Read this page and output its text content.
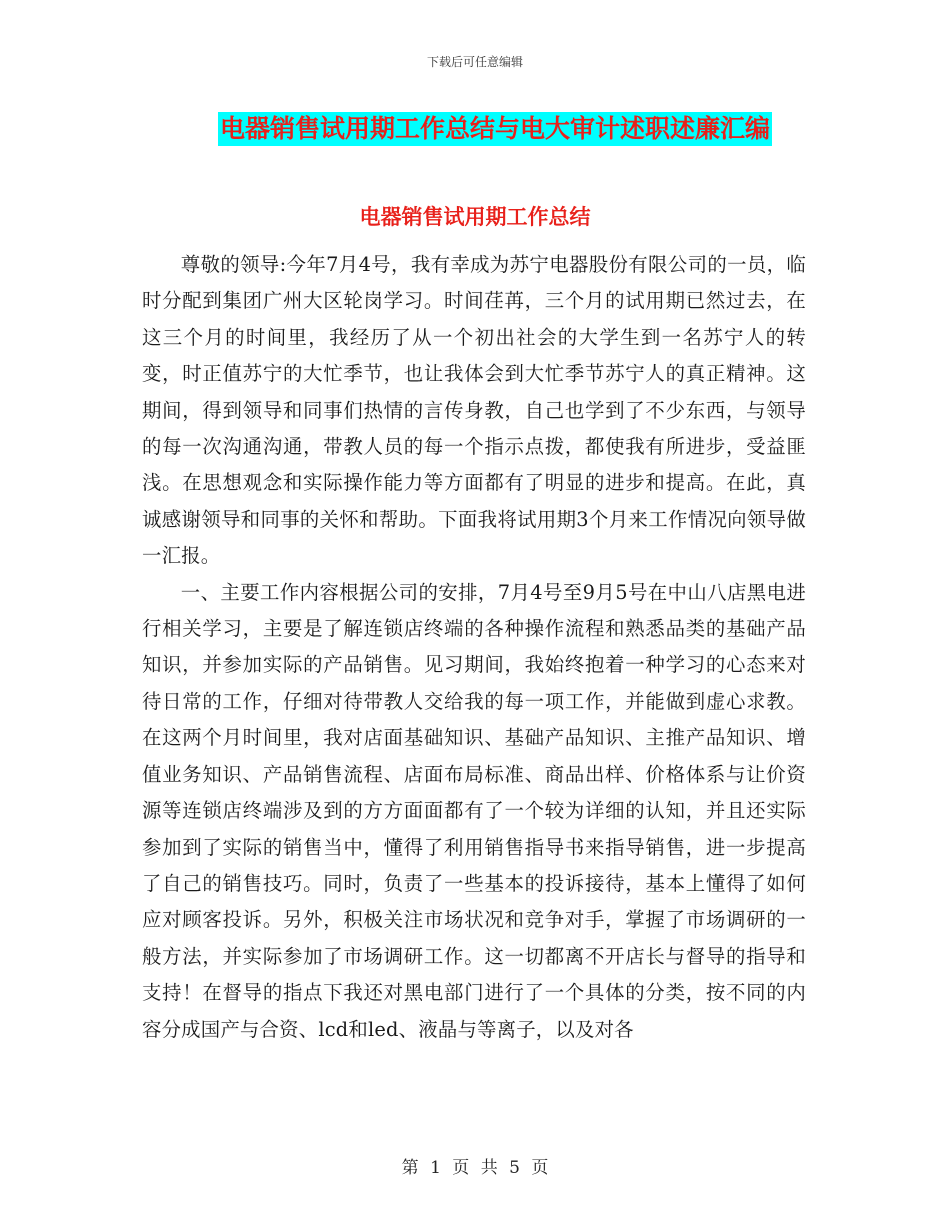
下载后可任意编辑
电器销售试用期工作总结与电大审计述职述廉汇编
电器销售试用期工作总结

尊敬的领导:今年7月4号，我有幸成为苏宁电器股份有限公司的一员，临时分配到集团广州大区轮岗学习。时间荏苒，三个月的试用期已然过去，在这三个月的时间里，我经历了从一个初出社会的大学生到一名苏宁人的转变，时正值苏宁的大忙季节，也让我体会到大忙季节苏宁人的真正精神。这期间，得到领导和同事们热情的言传身教，自己也学到了不少东西，与领导的每一次沟通沟通，带教人员的每一个指示点拨，都使我有所进步，受益匪浅。在思想观念和实际操作能力等方面都有了明显的进步和提高。在此，真诚感谢领导和同事的关怀和帮助。下面我将试用期3个月来工作情况向领导做一汇报。

一、主要工作内容根据公司的安排，7月4号至9月5号在中山八店黑电进行相关学习，主要是了解连锁店终端的各种操作流程和熟悉品类的基础产品知识，并参加实际的产品销售。见习期间，我始终抱着一种学习的心态来对待日常的工作，仔细对待带教人交给我的每一项工作，并能做到虚心求教。在这两个月时间里，我对店面基础知识、基础产品知识、主推产品知识、增值业务知识、产品销售流程、店面布局标准、商品出样、价格体系与让价资源等连锁店终端涉及到的方方面面都有了一个较为详细的认知，并且还实际参加到了实际的销售当中，懂得了利用销售指导书来指导销售，进一步提高了自己的销售技巧。同时，负责了一些基本的投诉接待，基本上懂得了如何应对顾客投诉。另外，积极关注市场状况和竞争对手，掌握了市场调研的一般方法，并实际参加了市场调研工作。这一切都离不开店长与督导的指导和支持！在督导的指点下我还对黑电部门进行了一个具体的分类，按不同的内容分成国产与合资、lcd和led、液晶与等离子，以及对各

第 1 页 共 5 页
